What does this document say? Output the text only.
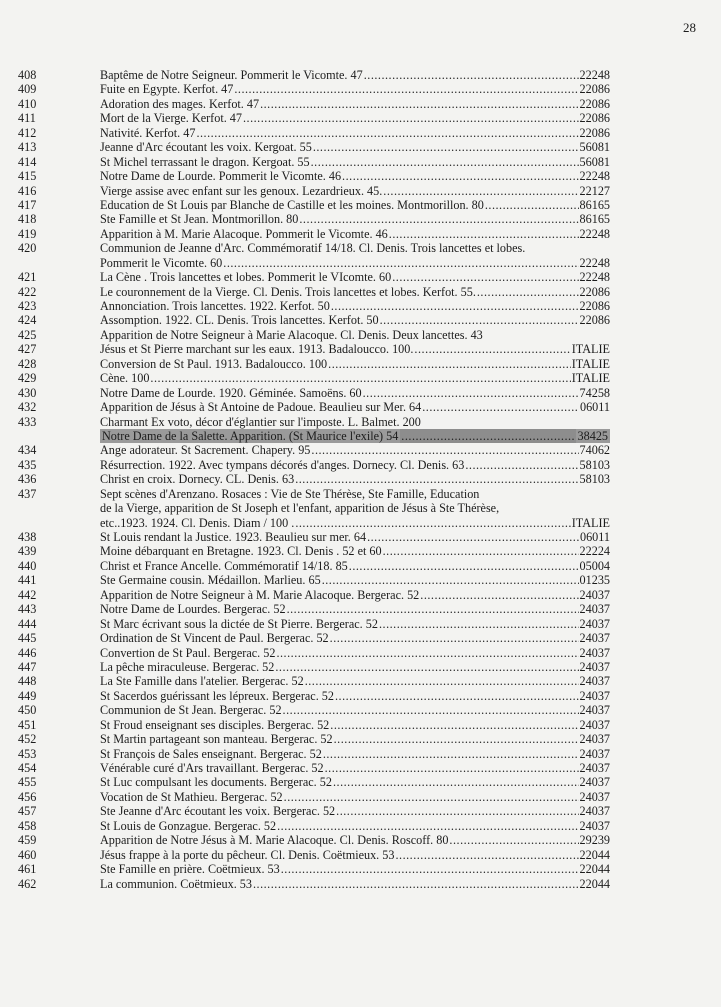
28
408	Baptême de Notre Seigneur. Pommerit le Vicomte. 47 .....	22248
409	Fuite en Egypte. Kerfot. 47 .....	22086
410	Adoration des mages. Kerfot. 47 .....	22086
411	Mort de la Vierge. Kerfot. 47 .....	22086
412	Nativité. Kerfot. 47 .....	22086
413	Jeanne d'Arc écoutant les voix. Kergoat. 55 .....	56081
414	St Michel terrassant le dragon. Kergoat. 55 .....	56081
415	Notre Dame de Lourde. Pommerit le Vicomte. 46 .....	22248
416	Vierge assise avec enfant sur les genoux. Lezardrieux. 45. .....	22127
417	Education de St Louis par Blanche de Castille et les moines. Montmorillon. 80 .....	86165
418	Ste Famille et St Jean. Montmorillon. 80 .....	86165
419	Apparition à M. Marie Alacoque. Pommerit le Vicomte. 46 .....	22248
420	Communion de Jeanne d'Arc. Commémoratif 14/18. Cl. Denis. Trois lancettes et lobes.
Pommerit le Vicomte. 60 .....	22248
421	La Cène . Trois lancettes et lobes. Pommerit le VIcomte. 60 .....	22248
422	Le couronnement de la Vierge. Cl. Denis. Trois lancettes et lobes. Kerfot. 55. .....	22086
423	Annonciation. Trois lancettes. 1922. Kerfot. 50 .....	22086
424	Assomption. 1922. CL. Denis. Trois lancettes. Kerfot. 50 .....	22086
425	Apparition de Notre Seigneur à Marie Alacoque. Cl. Denis. Deux lancettes. 43
427	Jésus et St Pierre marchant sur les eaux. 1913. Badaloucco. 100. .....	ITALIE
428	Conversion de St Paul. 1913. Badaloucco. 100 .....	ITALIE
429	Cène. 100 .....	ITALIE
430	Notre Dame de Lourde. 1920. Géminée. Samoëns. 60 .....	74258
432	Apparition de Jésus à St Antoine de Padoue. Beaulieu sur Mer. 64 .....	06011
433	Charmant Ex voto, décor d'églantier sur l'imposte. L. Balmet. 200
Notre Dame de la Salette. Apparition. (St Maurice l'exile) 54 .....	38425
434	Ange adorateur. St Sacrement. Chapery. 95 .....	74062
435	Résurrection. 1922. Avec tympans décorés d'anges. Dornecy. Cl. Denis. 63 .....	58103
436	Christ en croix. Dornecy. CL. Denis. 63 .....	58103
437	Sept scènes d'Arenzano. Rosaces : Vie de Ste Thérèse, Ste Famille, Education
de la Vierge, apparition de St Joseph et l'enfant, apparition de Jésus à Ste Thérèse,
etc..1923. 1924. Cl. Denis. Diam / 100 . .....	ITALIE
438	St Louis rendant la Justice. 1923. Beaulieu sur mer. 64 .....	06011
439	Moine débarquant en Bretagne. 1923. Cl. Denis . 52 et 60 .....	22224
440	Christ et France Ancelle. Commémoratif 14/18. 85 .....	05004
441	Ste Germaine cousin. Médaillon. Marlieu. 65 .....	01235
442	Apparition de Notre Seigneur à M. Marie Alacoque. Bergerac. 52 .....	24037
443	Notre Dame de Lourdes. Bergerac. 52 .....	24037
444	St Marc écrivant sous la dictée de St Pierre. Bergerac. 52 .....	24037
445	Ordination de St Vincent de Paul. Bergerac. 52 .....	24037
446	Convertion de St Paul. Bergerac. 52 .....	24037
447	La pêche miraculeuse. Bergerac. 52 .....	24037
448	La Ste Famille dans l'atelier. Bergerac. 52 .....	24037
449	St Sacerdos guérissant les lépreux. Bergerac. 52 .....	24037
450	Communion de St Jean. Bergerac. 52 .....	24037
451	St Froud enseignant ses disciples. Bergerac. 52 .....	24037
452	St Martin partageant son manteau. Bergerac. 52 .....	24037
453	St François de Sales enseignant. Bergerac. 52 .....	24037
454	Vénérable curé d'Ars travaillant. Bergerac. 52 .....	24037
455	St Luc compulsant les documents. Bergerac. 52 .....	24037
456	Vocation de St Mathieu. Bergerac. 52 .....	24037
457	Ste Jeanne d'Arc écoutant les voix. Bergerac. 52 .....	24037
458	St Louis de Gonzague. Bergerac. 52 .....	24037
459	Apparition de Notre Jésus à M. Marie Alacoque. Cl. Denis. Roscoff. 80 .....	29239
460	Jésus frappe à la porte du pêcheur. Cl. Denis. Coëtmieux. 53 .....	22044
461	Ste Famille en prière. Coëtmieux. 53 .....	22044
462	La communion. Coëtmieux. 53 .....	22044
